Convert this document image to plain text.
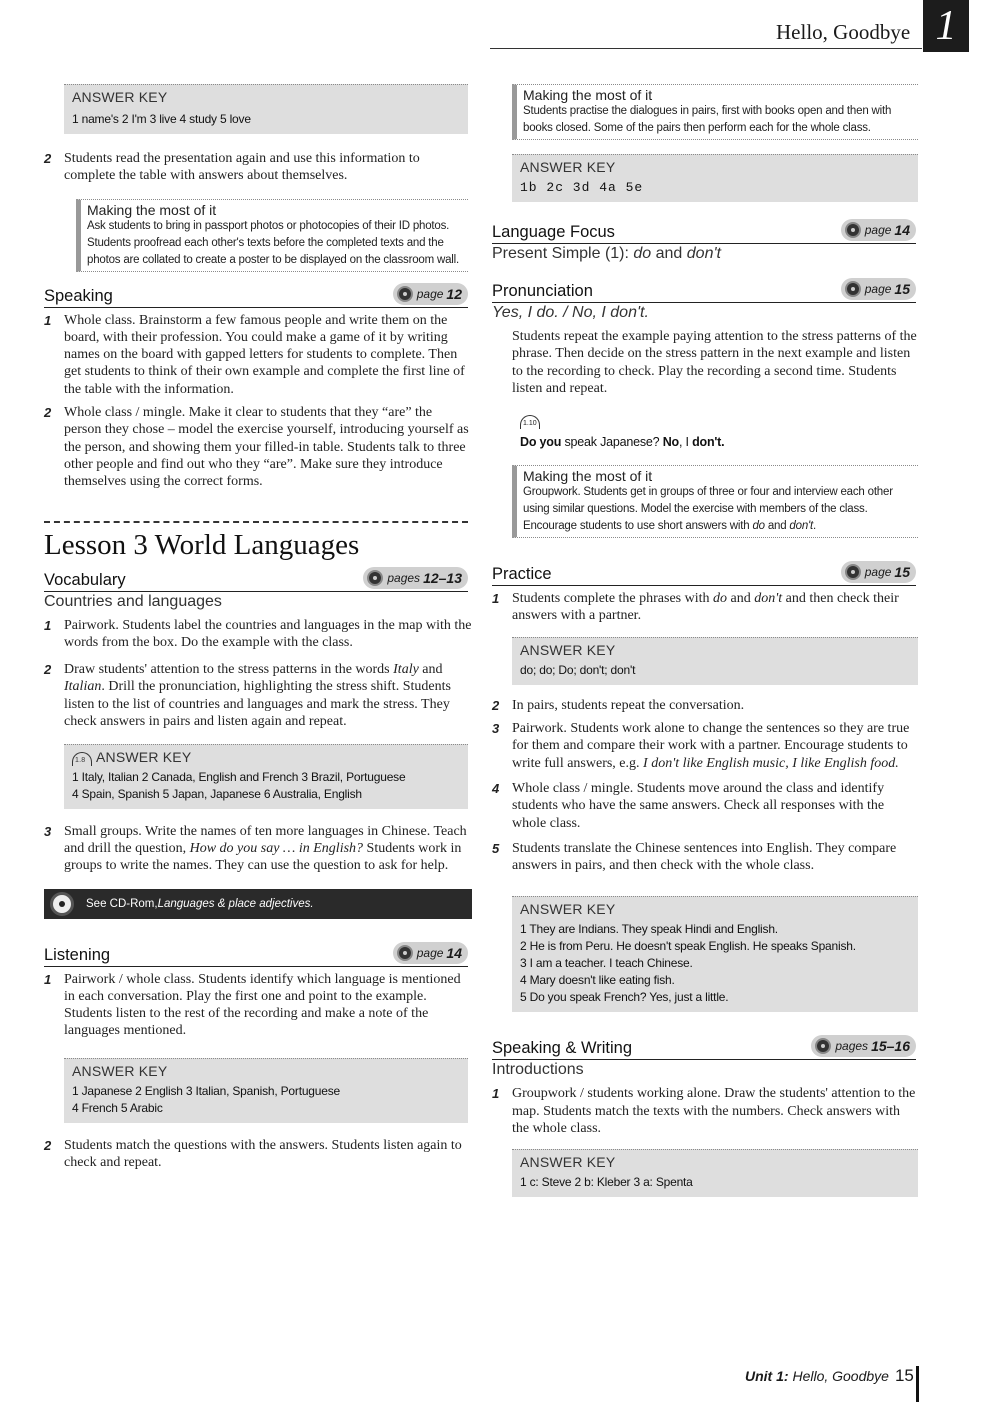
Hello, Goodbye 1
ANSWER KEY
1 name's 2 I'm 3 live 4 study 5 love
2 Students read the presentation again and use this information to complete the table with answers about themselves.
Making the most of it
Ask students to bring in passport photos or photocopies of their ID photos. Students proofread each other's texts before the completed texts and the photos are collated to create a poster to be displayed on the classroom wall.
Speaking	page 12
1 Whole class. Brainstorm a few famous people and write them on the board, with their profession. You could make a game of it by writing names on the board with gapped letters for students to complete. Then get students to think of their own example and complete the first line of the table with the information.
2 Whole class / mingle. Make it clear to students that they “are” the person they chose – model the exercise yourself, introducing yourself as the person, and showing them your filled-in table. Students talk to three other people and find out who they “are”. Make sure they introduce themselves using the correct forms.
Lesson 3 World Languages
Vocabulary	pages 12–13
Countries and languages
1 Pairwork. Students label the countries and languages in the map with the words from the box. Do the example with the class.
2 Draw students' attention to the stress patterns in the words Italy and Italian. Drill the pronunciation, highlighting the stress shift. Students listen to the list of countries and languages and mark the stress. They check answers in pairs and listen again and repeat.
1.8 ANSWER KEY
1 Italy, Italian 2 Canada, English and French 3 Brazil, Portuguese
4 Spain, Spanish 5 Japan, Japanese 6 Australia, English
3 Small groups. Write the names of ten more languages in Chinese. Teach and drill the question, How do you say … in English? Students work in groups to write the names. They can use the question to ask for help.
See CD-Rom, Languages & place adjectives.
Listening	page 14
1 Pairwork / whole class. Students identify which language is mentioned in each conversation. Play the first one and point to the example. Students listen to the rest of the recording and make a note of the languages mentioned.
ANSWER KEY
1 Japanese 2 English 3 Italian, Spanish, Portuguese
4 French 5 Arabic
2 Students match the questions with the answers. Students listen again to check and repeat.
Making the most of it
Students practise the dialogues in pairs, first with books open and then with books closed. Some of the pairs then perform each for the whole class.
ANSWER KEY
1b 2c 3d 4a 5e
Language Focus	page 14
Present Simple (1): do and don't
Pronunciation	page 15
Yes, I do. / No, I don't.
Students repeat the example paying attention to the stress patterns of the phrase. Then decide on the stress pattern in the next example and listen to the recording to check. Play the recording a second time. Students listen and repeat.
1.10
Do you speak Japanese? No, I don't.
Making the most of it
Groupwork. Students get in groups of three or four and interview each other using similar questions. Model the exercise with members of the class. Encourage students to use short answers with do and don't.
Practice	page 15
1 Students complete the phrases with do and don't and then check their answers with a partner.
ANSWER KEY
do; do; Do; don't; don't
2 In pairs, students repeat the conversation.
3 Pairwork. Students work alone to change the sentences so they are true for them and compare their work with a partner. Encourage students to write full answers, e.g. I don't like English music, I like English food.
4 Whole class / mingle. Students move around the class and identify students who have the same answers. Check all responses with the whole class.
5 Students translate the Chinese sentences into English. They compare answers in pairs, and then check with the whole class.
ANSWER KEY
1 They are Indians. They speak Hindi and English.
2 He is from Peru. He doesn't speak English. He speaks Spanish.
3 I am a teacher. I teach Chinese.
4 Mary doesn't like eating fish.
5 Do you speak French? Yes, just a little.
Speaking & Writing	pages 15–16
Introductions
1 Groupwork / students working alone. Draw the students' attention to the map. Students match the texts with the numbers. Check answers with the whole class.
ANSWER KEY
1 c: Steve 2 b: Kleber 3 a: Spenta
Unit 1: Hello, Goodbye 15
